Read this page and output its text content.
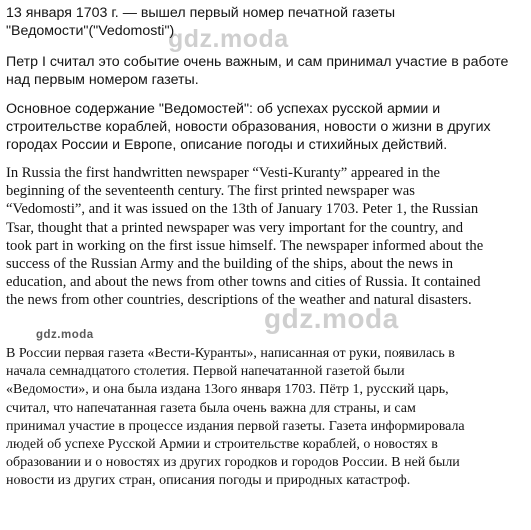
gdz.moda
gdz.moda
gdz.moda
13 января 1703 г. — вышел первый номер печатной газеты
"Ведомости"("Vedomosti")
Петр I считал это событие очень важным, и сам принимал участие в работе
над первым номером газеты.
Основное содержание "Ведомостей": об успехах русской армии и
строительстве кораблей, новости образования, новости о жизни в других
городах России и Европе, описание погоды и стихийных действий.
In Russia the first handwritten newspaper “Vesti-Kuranty” appeared in the
beginning of the seventeenth century. The first printed newspaper was
“Vedomosti”, and it was issued on the 13th of January 1703. Peter 1, the Russian
Tsar, thought that a printed newspaper was very important for the country, and
took part in working on the first issue himself. The newspaper informed about the
success of the Russian Army and the building of the ships, about the news in
education, and about the news from other towns and cities of Russia. It contained
the news from other countries, descriptions of the weather and natural disasters.
В России первая газета «Вести-Куранты», написанная от руки, появилась в
начала семнадцатого столетия. Первой напечатанной газетой были
«Ведомости», и она была издана 13ого января 1703. Пётр 1, русский царь,
считал, что напечатанная газета была очень важна для страны, и сам
принимал участие в процессе издания первой газеты. Газета информировала
людей об успехе Русской Армии и строительстве кораблей, о новостях в
образовании и о новостях из других городков и городов России. В ней были
новости из других стран, описания погоды и природных катастроф.
